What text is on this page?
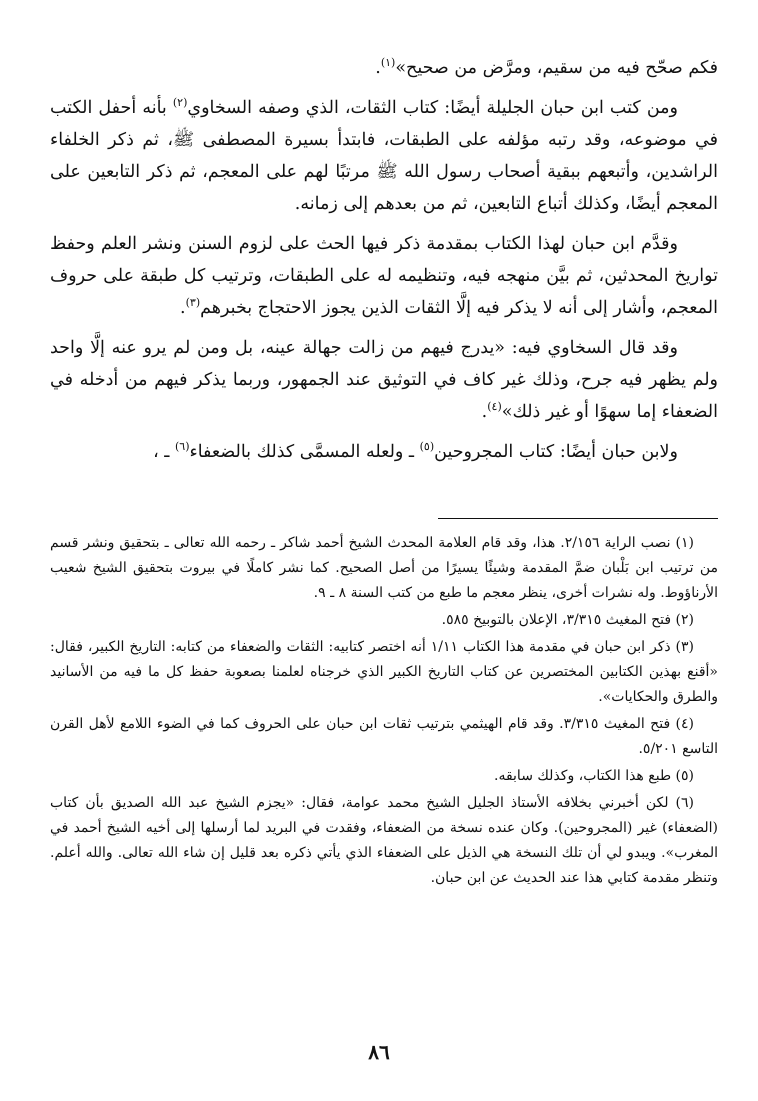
فكم صحّح فيه من سقيم، ومرَّض من صحيح»$^{(١)}$.

ومن كتب ابن حبان الجليلة أيضًا: كتاب الثقات، الذي وصفه السخاوي$^{(٢)}$ بأنه أحفل الكتب في موضوعه، وقد رتبه مؤلفه على الطبقات، فابتدأ بسيرة المصطفى ﷺ، ثم ذكر الخلفاء الراشدين، وأتبعهم ببقية أصحاب رسول الله ﷺ مرتبًا لهم على المعجم، ثم ذكر التابعين على المعجم أيضًا، وكذلك أتباع التابعين، ثم من بعدهم إلى زمانه.

وقدَّم ابن حبان لهذا الكتاب بمقدمة ذكر فيها الحث على لزوم السنن ونشر العلم وحفظ تواريخ المحدثين، ثم بيَّن منهجه فيه، وتنظيمه له على الطبقات، وترتيب كل طبقة على حروف المعجم، وأشار إلى أنه لا يذكر فيه إلَّا الثقات الذين يجوز الاحتجاج بخبرهم$^{(٣)}$.

وقد قال السخاوي فيه: «يدرج فيهم من زالت جهالة عينه، بل ومن لم يرو عنه إلَّا واحد ولم يظهر فيه جرح، وذلك غير كاف في التوثيق عند الجمهور، وربما يذكر فيهم من أدخله في الضعفاء إما سهوًا أو غير ذلك»$^{(٤)}$.

ولابن حبان أيضًا: كتاب المجروحين$^{(٥)}$ ـ ولعله المسمَّى كذلك بالضعفاء$^{(٦)}$ ـ ،

(١) نصب الراية ٢/١٥٦. هذا، وقد قام العلامة المحدث الشيخ أحمد شاكر ـ رحمه الله تعالى ـ بتحقيق ونشر قسم من ترتيب ابن بَلْبان ضمَّ المقدمة وشيئًا يسيرًا من أصل الصحيح. كما نشر كاملًا في بيروت بتحقيق الشيخ شعيب الأرناؤوط. وله نشرات أخرى، ينظر معجم ما طبع من كتب السنة ٨ ـ ٩.

(٢) فتح المغيث ٣/٣١٥، الإعلان بالتوبيخ ٥٨٥.

(٣) ذكر ابن حبان في مقدمة هذا الكتاب ١/١١ أنه اختصر كتابيه: الثقات والضعفاء من كتابه: التاريخ الكبير، فقال: «أقنع بهذين الكتابين المختصرين عن كتاب التاريخ الكبير الذي خرجناه لعلمنا بصعوبة حفظ كل ما فيه من الأسانيد والطرق والحكايات».

(٤) فتح المغيث ٣/٣١٥. وقد قام الهيثمي بترتيب ثقات ابن حبان على الحروف كما في الضوء اللامع لأهل القرن التاسع ٥/٢٠١.

(٥) طبع هذا الكتاب، وكذلك سابقه.

(٦) لكن أخبرني بخلافه الأستاذ الجليل الشيخ محمد عوامة، فقال: «يجزم الشيخ عبد الله الصديق بأن كتاب (الضعفاء) غير (المجروحين). وكان عنده نسخة من الضعفاء، وفقدت في البريد لما أرسلها إلى أخيه الشيخ أحمد في المغرب». ويبدو لي أن تلك النسخة هي الذيل على الضعفاء الذي يأتي ذكره بعد قليل إن شاء الله تعالى. والله أعلم. وتنظر مقدمة كتابي هذا عند الحديث عن ابن حبان.

٨٦
